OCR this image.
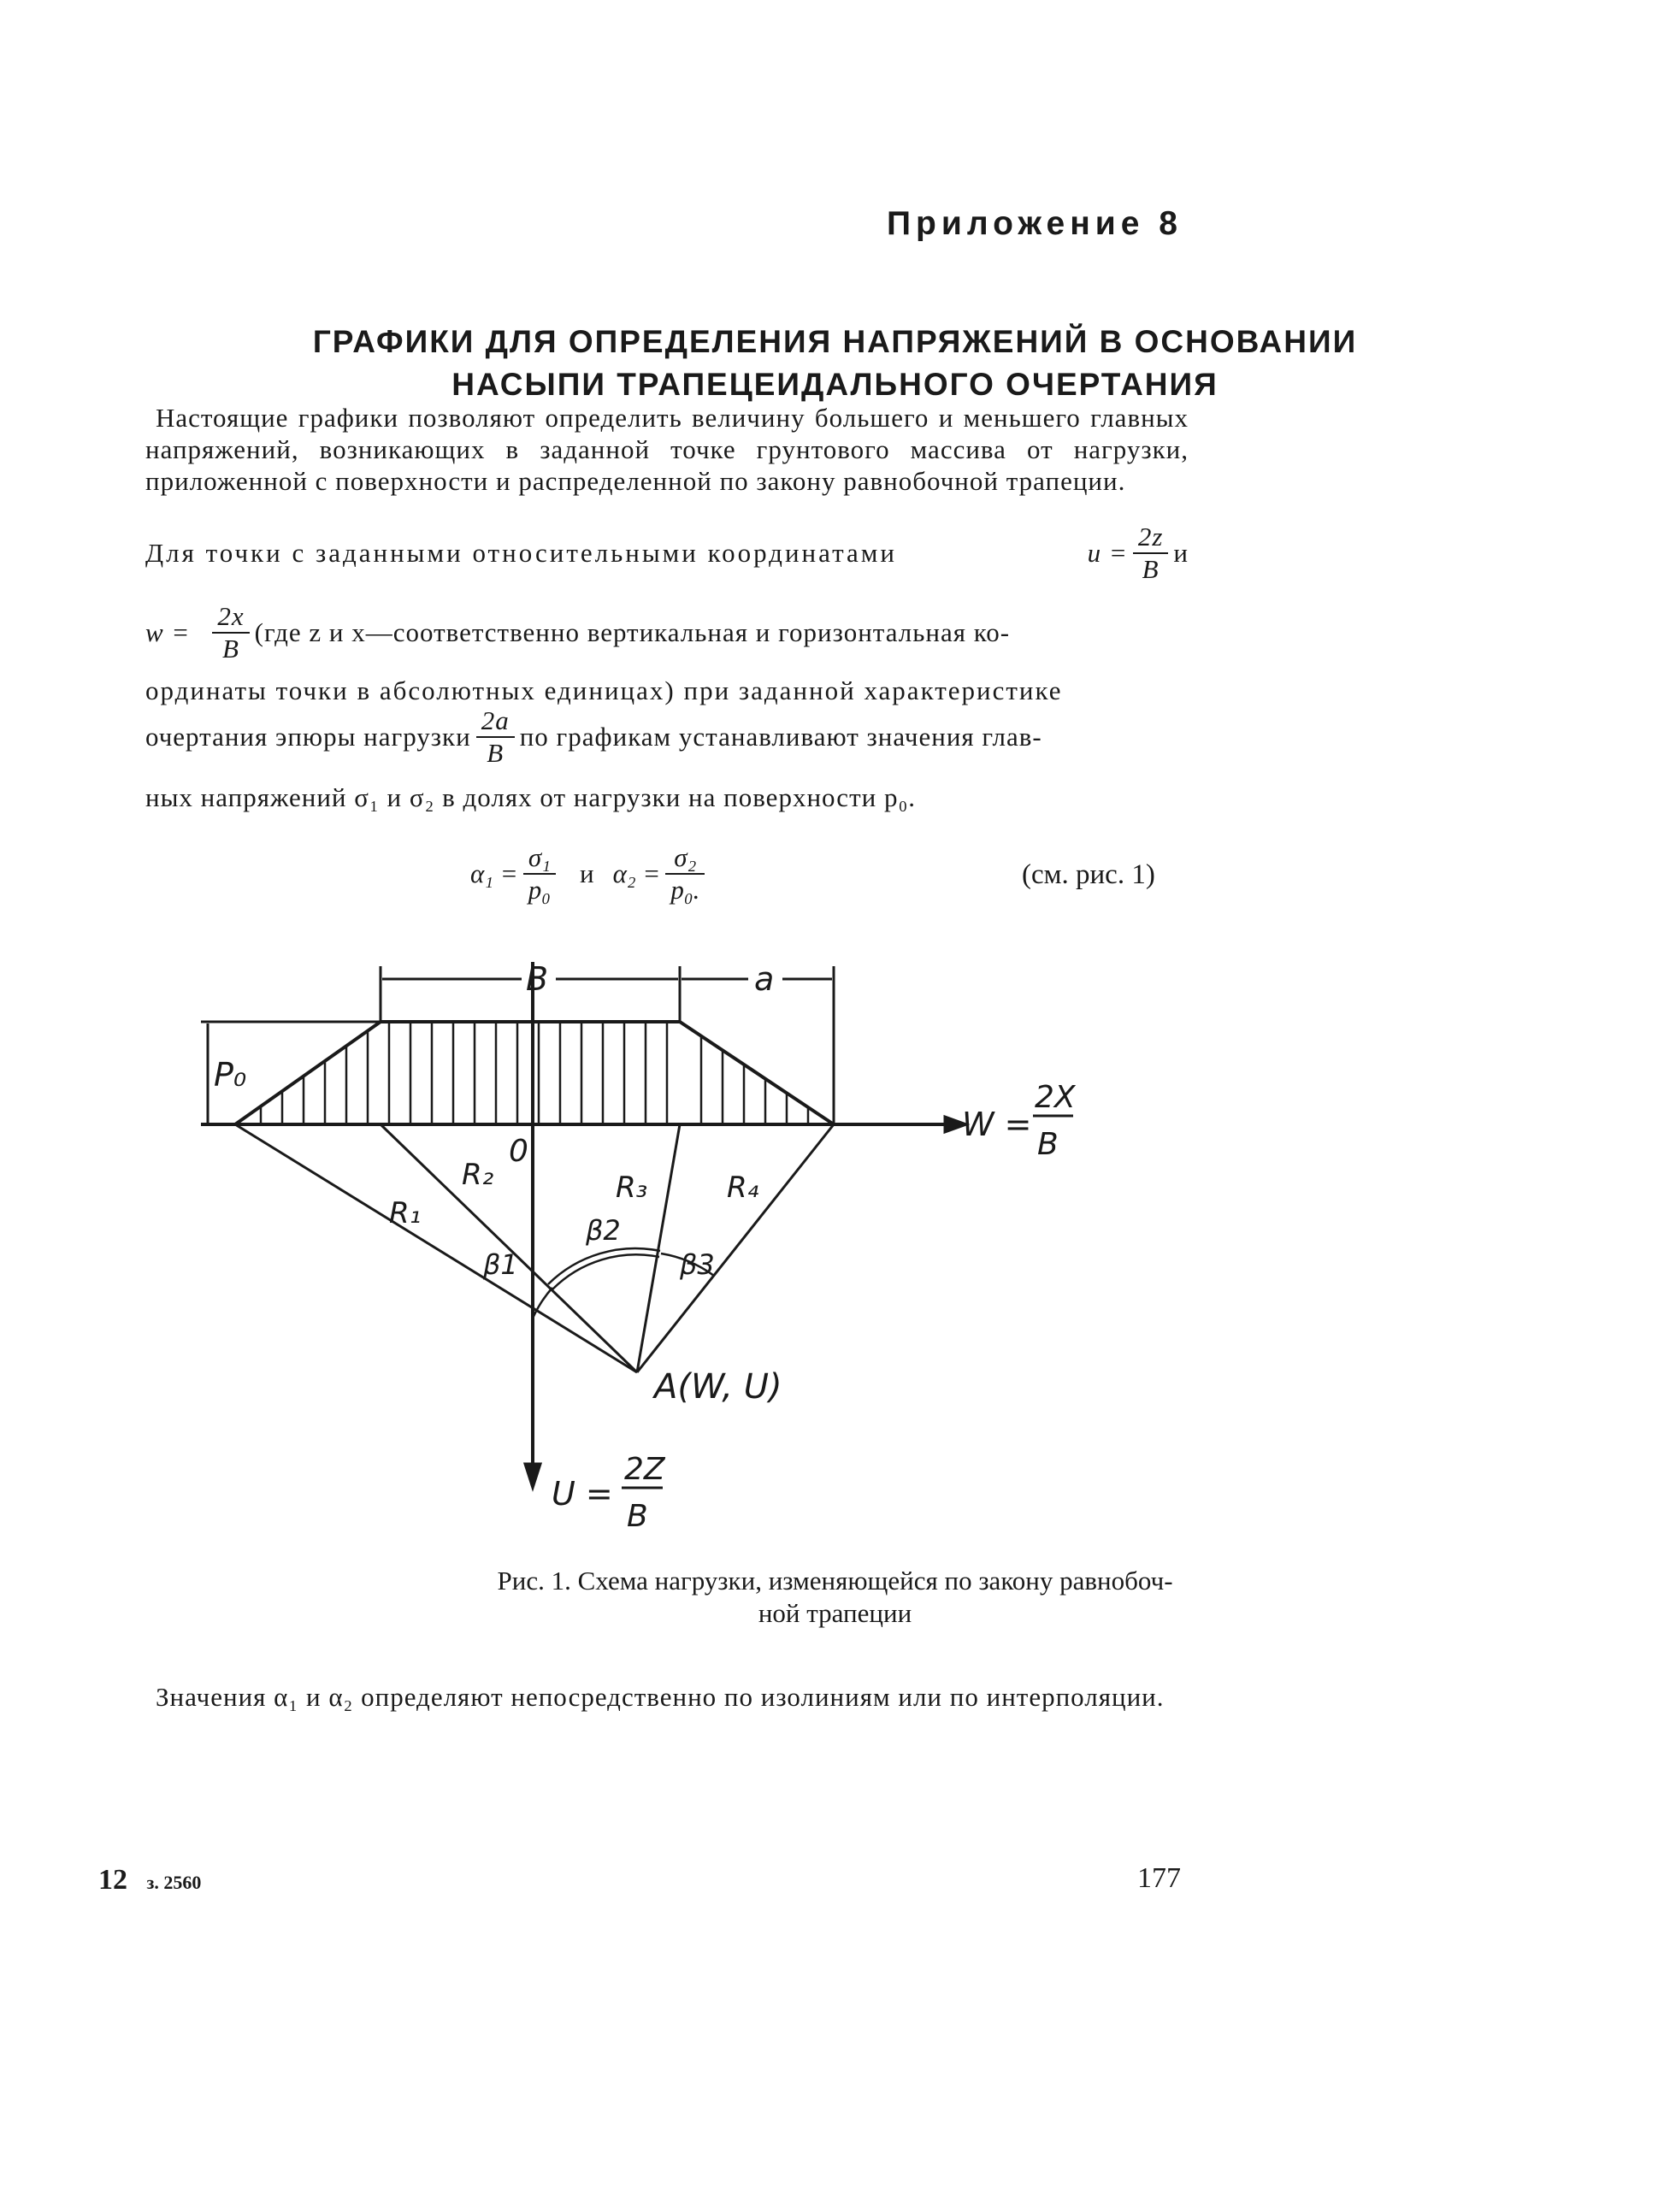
Приложение 8
ГРАФИКИ ДЛЯ ОПРЕДЕЛЕНИЯ НАПРЯЖЕНИЙ В ОСНОВАНИИ
НАСЫПИ ТРАПЕЦЕИДАЛЬНОГО ОЧЕРТАНИЯ
Настоящие графики позволяют определить величину большего и меньшего главных напряжений, возникающих в заданной точке грунтового массива от нагрузки, приложенной с поверхности и распределенной по закону равнобочной трапеции.
Для точки с заданными относительными координатами	$u = \frac{2z}{B}$ и
$w = \frac{2x}{B} (где$ z и x—соответственно вертикальная и горизонтальная ко-
ординаты точки в абсолютных единицах) при заданной характеристике
очертания эпюры нагрузки $\frac{2a}{B}$ по графикам устанавливают значения глав-
ных напряжений σ₁ и σ₂ в долях от нагрузки на поверхности p₀.
$\alpha_1 = \frac{\text{σ₁}}{\text{p₀}}$ и $\alpha_2 = \frac{\text{σ₂}}{\text{p₀.}}$	(см. рис. 1)
B	a
P₀
0
W =
2X
B
R₁
R₂	R₃	R₄
β1
β2
β3
A(W, U)
U =
2Z
B
Рис. 1. Схема нагрузки, изменяющейся по закону равнобоч-
ной трапеции
Значения α₁ и α₂ определяют непосредственно по изолиниям или по интерполяции.
12 з. 2560	177
